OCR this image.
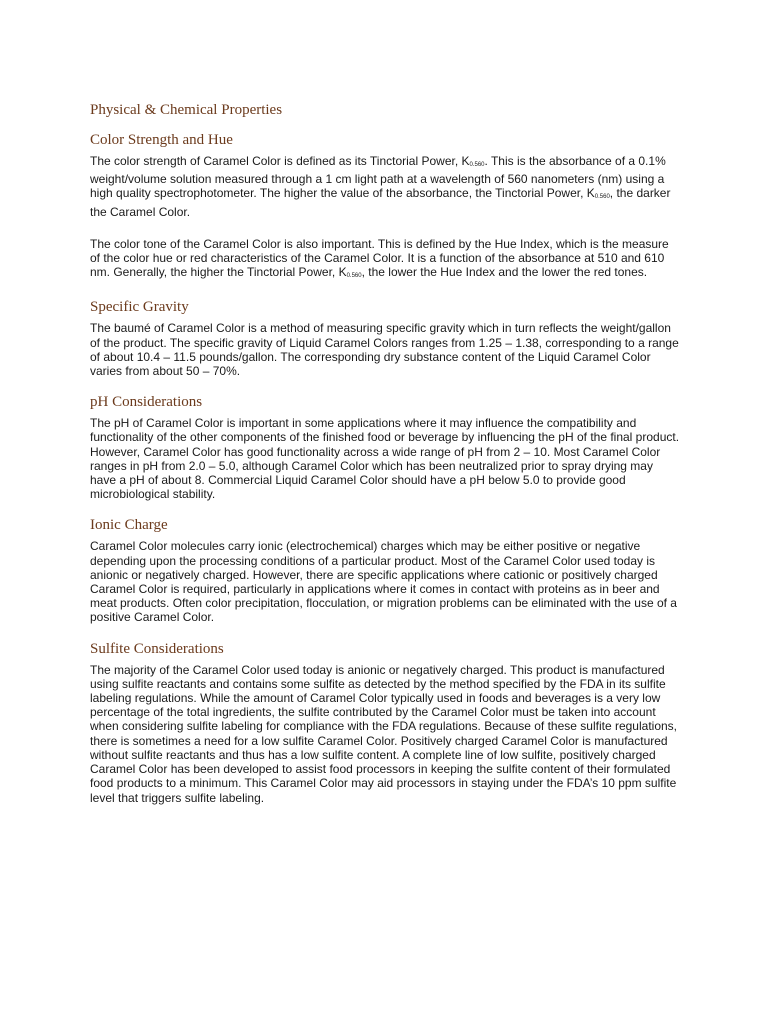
Physical & Chemical Properties
Color Strength and Hue

The color strength of Caramel Color is defined as its Tinctorial Power, $K_{0.560}$. This is the absorbance of a 0.1% weight/volume solution measured through a 1 cm light path at a wavelength of 560 nanometers (nm) using a high quality spectrophotometer. The higher the value of the absorbance, the Tinctorial Power, $K_{0.560}$, the darker the Caramel Color.

The color tone of the Caramel Color is also important. This is defined by the Hue Index, which is the measure of the color hue or red characteristics of the Caramel Color. It is a function of the absorbance at 510 and 610 nm. Generally, the higher the Tinctorial Power, $K_{0.560}$, the lower the Hue Index and the lower the red tones.

Specific Gravity

The baumé of Caramel Color is a method of measuring specific gravity which in turn reflects the weight/gallon of the product. The specific gravity of Liquid Caramel Colors ranges from 1.25 – 1.38, corresponding to a range of about 10.4 – 11.5 pounds/gallon. The corresponding dry substance content of the Liquid Caramel Color varies from about 50 – 70%.

pH Considerations

The pH of Caramel Color is important in some applications where it may influence the compatibility and functionality of the other components of the finished food or beverage by influencing the pH of the final product. However, Caramel Color has good functionality across a wide range of pH from 2 – 10. Most Caramel Color ranges in pH from 2.0 – 5.0, although Caramel Color which has been neutralized prior to spray drying may have a pH of about 8. Commercial Liquid Caramel Color should have a pH below 5.0 to provide good microbiological stability.

Ionic Charge

Caramel Color molecules carry ionic (electrochemical) charges which may be either positive or negative depending upon the processing conditions of a particular product. Most of the Caramel Color used today is anionic or negatively charged. However, there are specific applications where cationic or positively charged Caramel Color is required, particularly in applications where it comes in contact with proteins as in beer and meat products. Often color precipitation, flocculation, or migration problems can be eliminated with the use of a positive Caramel Color.

Sulfite Considerations

The majority of the Caramel Color used today is anionic or negatively charged. This product is manufactured using sulfite reactants and contains some sulfite as detected by the method specified by the FDA in its sulfite labeling regulations. While the amount of Caramel Color typically used in foods and beverages is a very low percentage of the total ingredients, the sulfite contributed by the Caramel Color must be taken into account when considering sulfite labeling for compliance with the FDA regulations. Because of these sulfite regulations, there is sometimes a need for a low sulfite Caramel Color. Positively charged Caramel Color is manufactured without sulfite reactants and thus has a low sulfite content. A complete line of low sulfite, positively charged Caramel Color has been developed to assist food processors in keeping the sulfite content of their formulated food products to a minimum. This Caramel Color may aid processors in staying under the FDA’s 10 ppm sulfite level that triggers sulfite labeling.
